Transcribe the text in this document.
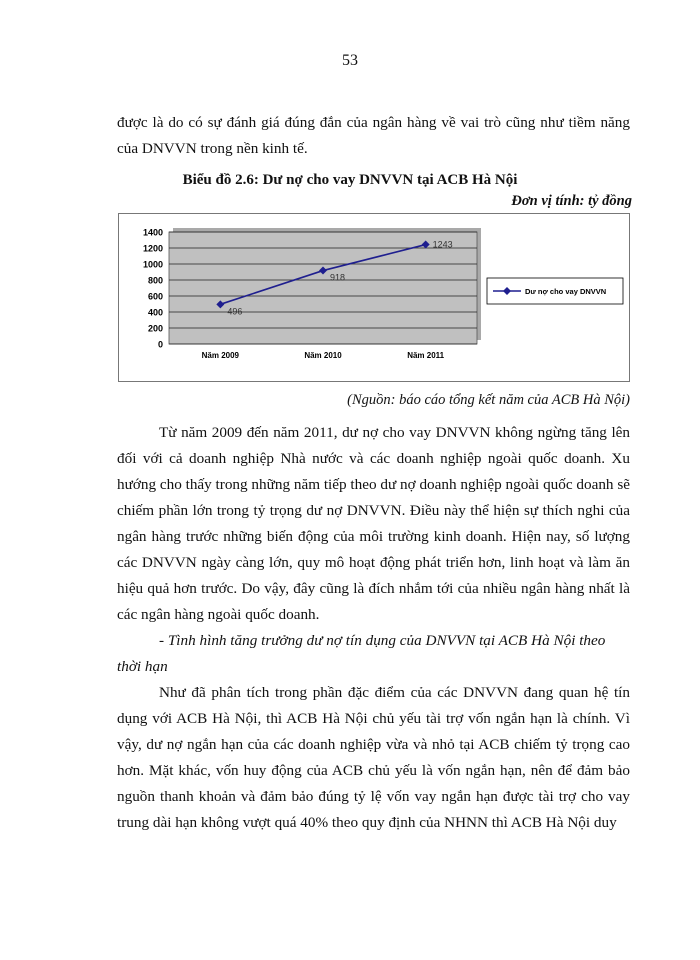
53

được là do có sự đánh giá đúng đắn của ngân hàng về vai trò cũng như tiềm năng của DNVVN trong nền kinh tế.

Biểu đồ 2.6: Dư nợ cho vay DNVVN tại ACB Hà Nội
Đơn vị tính: tỷ đồng
0
200
400
600
800
1000
1200
1400
Năm 2009	Năm 2010	Năm 2011
496
918
1243
Dư nợ cho vay DNVVN
(Nguồn: báo cáo tổng kết năm của ACB Hà Nội)

Từ năm 2009 đến năm 2011, dư nợ cho vay DNVVN không ngừng tăng lên đối với cả doanh nghiệp Nhà nước và các doanh nghiệp ngoài quốc doanh. Xu hướng cho thấy trong những năm tiếp theo dư nợ doanh nghiệp ngoài quốc doanh sẽ chiếm phần lớn trong tỷ trọng dư nợ DNVVN. Điều này thể hiện sự thích nghi của ngân hàng trước những biến động của môi trường kinh doanh. Hiện nay, số lượng các DNVVN ngày càng lớn, quy mô hoạt động phát triển hơn, linh hoạt và làm ăn hiệu quả hơn trước. Do vậy, đây cũng là đích nhắm tới của nhiều ngân hàng nhất là các ngân hàng ngoài quốc doanh.

- Tình hình tăng trưởng dư nợ tín dụng của DNVVN tại ACB Hà Nội theo thời hạn

Như đã phân tích trong phần đặc điểm của các DNVVN đang quan hệ tín dụng với ACB Hà Nội, thì ACB Hà Nội chủ yếu tài trợ vốn ngắn hạn là chính. Vì vậy, dư nợ ngắn hạn của các doanh nghiệp vừa và nhỏ tại ACB chiếm tỷ trọng cao hơn. Mặt khác, vốn huy động của ACB chủ yếu là vốn ngắn hạn, nên để đảm bảo nguồn thanh khoản và đảm bảo đúng tỷ lệ vốn vay ngắn hạn được tài trợ cho vay trung dài hạn không vượt quá 40% theo quy định của NHNN thì ACB Hà Nội duy
